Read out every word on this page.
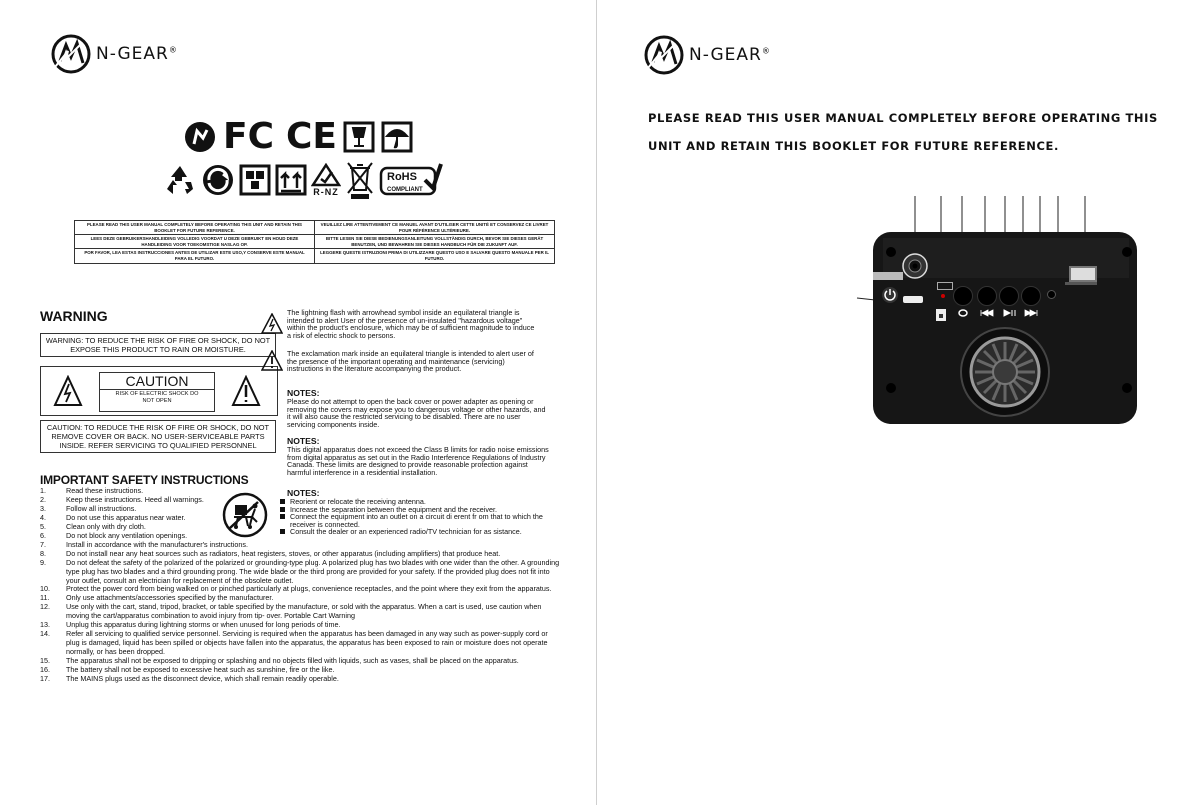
N-GEAR®
FC CE
R-NZ
RoHS
COMPLIANT
PLEASE READ THIS USER MANUAL COMPLETELY BEFORE OPERATING THIS UNIT AND RETAIN THIS BOOKLET FOR FUTURE REFERENCE.	VEUILLEZ LIRE ATTENTIVEMENT CE MANUEL AVANT D'UTILISER CETTE UNITÉ ET CONSERVEZ CE LIVRET POUR RÉFÉRENCE ULTÉRIEURE.
LEES DEZE GEBRUIKERSHANDLEIDING VOLLEDIG VOORDAT U DEZE GEBRUIKT EN HOUD DEZE HANDLEIDING VOOR TOEKOMSTIGE NASLAG OP.	BITTE LESEN SIE DIESE BEDIENUNGSANLEITUNG VOLLSTÄNDIG DURCH, BEVOR SIE DIESES GERÄT BENUTZEN, UND BEWAHREN SIE DIESES HANDBUCH FÜR DIE ZUKUNFT AUF.
POR FAVOR, LEA ESTAS INSTRUCCIONES ANTES DE UTILIZAR ESTE USO,Y CONSERVE ESTE MANUAL PARA EL FUTURO.	LEGGERE QUESTE ISTRUZIONI PRIMA DI UTILIZZARE QUESTO USO E SALVARE QUESTO MANUALE PER IL FUTURO.
WARNING
WARNING: TO REDUCE THE RISK OF FIRE OR SHOCK, DO NOT EXPOSE THIS PRODUCT TO RAIN OR MOISTURE.
CAUTION
RISK OF ELECTRIC SHOCK DO NOT OPEN
CAUTION: TO REDUCE THE RISK OF FIRE OR SHOCK, DO NOT REMOVE COVER OR BACK. NO USER-SERVICEABLE PARTS INSIDE. REFER SERVICING TO QUALIFIED PERSONNEL
The lightning flash with arrowhead symbol inside an equilateral triangle is intended to alert User of the presence of un-insulated "hazardous voltage" within the product's enclosure, which may be of sufficient magnitude to induce a risk of electric shock to persons.
The exclamation mark inside an equilateral triangle is intended to alert user of the presence of the important operating and maintenance (servicing) instructions in the literature accompanying the product.
NOTES:
Please do not attempt to open the back cover or power adapter as opening or removing the covers may expose you to dangerous voltage or other hazards, and it will also cause the restricted servicing to be disabled. There are no user servicing components inside.
NOTES:
This digital apparatus does not exceed the Class B limits for radio noise emissions from digital apparatus as set out in the Radio Interference Regulations of Industry Canada. These limits are designed to provide reasonable protection against harmful interference in a residential installation.
NOTES:
Reorient or relocate the receiving antenna.
Increase the separation between the equipment and the receiver.
Connect the equipment into an outlet on a circuit di erent fr om that to which the receiver is connected.
Consult the dealer or an experienced radio/TV technician for as sistance.
IMPORTANT SAFETY INSTRUCTIONS
1.	Read these instructions.
2.	Keep these instructions. Heed all warnings.
3.	Follow all instructions.
4.	Do not use this apparatus near water.
5.	Clean only with dry cloth.
6.	Do not block any ventilation openings.
7.	Install in accordance with the manufacturer's instructions.
8.	Do not install near any heat sources such as radiators, heat registers, stoves, or other apparatus (including amplifiers) that produce heat.
9.	Do not defeat the safety of the polarized of the polarized or grounding-type plug. A polarized plug has two blades with one wider than the other. A grounding type plug has two blades and a third grounding prong. The wide blade or the third prong are provided for your safety. If the provided plug does not fit into your outlet, consult an electrician for replacement of the obsolete outlet.
10.	Protect the power cord from being walked on or pinched particularly at plugs, convenience receptacles, and the point where they exit from the apparatus.
11.	Only use attachments/accessories specified by the manufacturer.
12.	Use only with the cart, stand, tripod, bracket, or table specified by the manufacture, or sold with the apparatus. When a cart is used, use caution when moving the cart/apparatus combination to avoid injury from tip- over. Portable Cart Warning
13.	Unplug this apparatus during lightning storms or when unused for long periods of time.
14.	Refer all servicing to qualified service personnel. Servicing is required when the apparatus has been damaged in any way such as power-supply cord or plug is damaged, liquid has been spilled or objects have fallen into the apparatus, the apparatus has been exposed to rain or moisture does not operate normally, or has been dropped.
15.	The apparatus shall not be exposed to dripping or splashing and no objects filled with liquids, such as vases, shall be placed on the apparatus.
16.	The battery shall not be exposed to excessive heat such as sunshine, fire or the like.
17.	The MAINS plugs used as the disconnect device, which shall remain readily operable.
N-GEAR®
PLEASE READ THIS USER MANUAL COMPLETELY BEFORE OPERATING THIS
UNIT AND RETAIN THIS BOOKLET FOR FUTURE REFERENCE.
